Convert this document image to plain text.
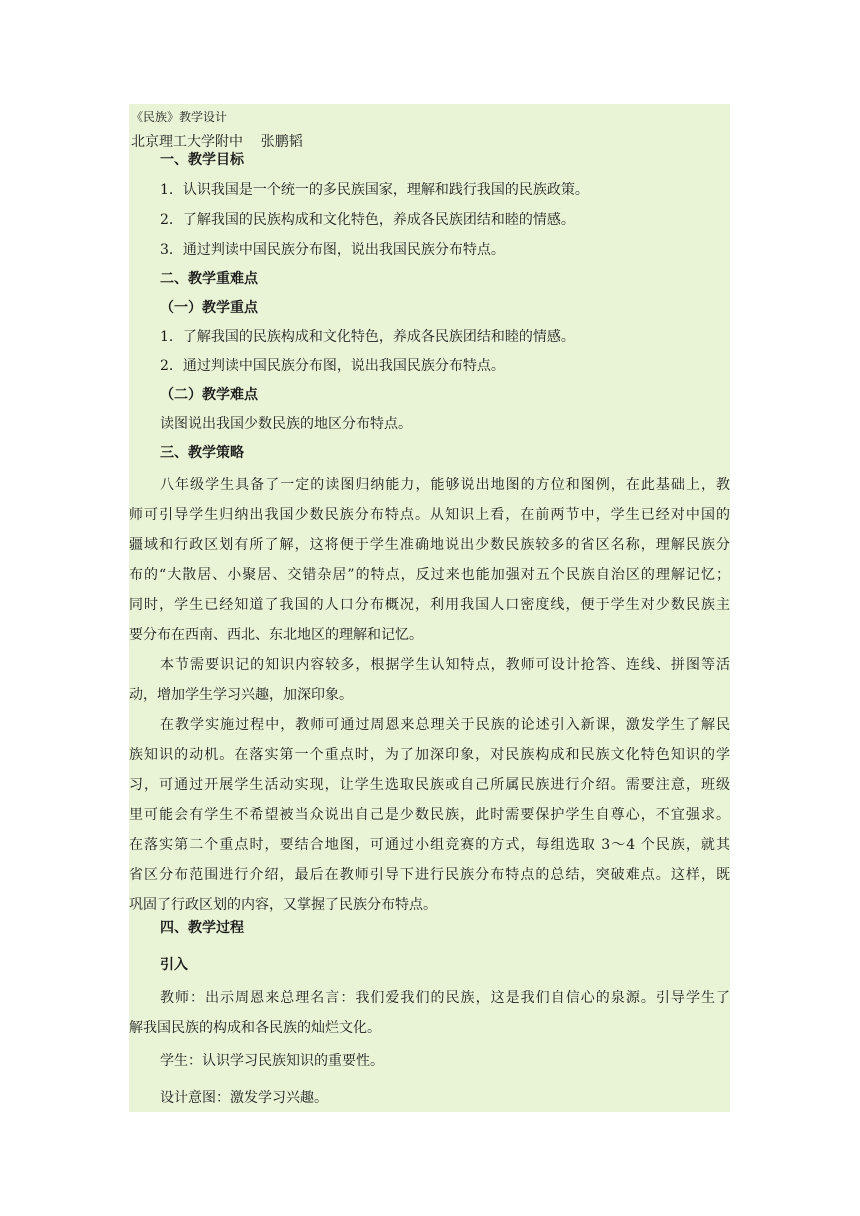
《民族》教学设计
北京理工大学附中    张鹏韬
一、教学目标
1．认识我国是一个统一的多民族国家，理解和践行我国的民族政策。
2．了解我国的民族构成和文化特色，养成各民族团结和睦的情感。
3．通过判读中国民族分布图，说出我国民族分布特点。
二、教学重难点
（一）教学重点
1．了解我国的民族构成和文化特色，养成各民族团结和睦的情感。
2．通过判读中国民族分布图，说出我国民族分布特点。
（二）教学难点
读图说出我国少数民族的地区分布特点。
三、教学策略
八年级学生具备了一定的读图归纳能力，能够说出地图的方位和图例，在此基础上，教
师可引导学生归纳出我国少数民族分布特点。从知识上看，在前两节中，学生已经对中国的
疆域和行政区划有所了解，这将便于学生准确地说出少数民族较多的省区名称，理解民族分
布的“大散居、小聚居、交错杂居”的特点，反过来也能加强对五个民族自治区的理解记忆；
同时，学生已经知道了我国的人口分布概况，利用我国人口密度线，便于学生对少数民族主
要分布在西南、西北、东北地区的理解和记忆。
本节需要识记的知识内容较多，根据学生认知特点，教师可设计抢答、连线、拼图等活
动，增加学生学习兴趣，加深印象。
在教学实施过程中，教师可通过周恩来总理关于民族的论述引入新课，激发学生了解民
族知识的动机。在落实第一个重点时，为了加深印象，对民族构成和民族文化特色知识的学
习，可通过开展学生活动实现，让学生选取民族或自己所属民族进行介绍。需要注意，班级
里可能会有学生不希望被当众说出自己是少数民族，此时需要保护学生自尊心，不宜强求。
在落实第二个重点时，要结合地图，可通过小组竞赛的方式，每组选取 3～4 个民族，就其
省区分布范围进行介绍，最后在教师引导下进行民族分布特点的总结，突破难点。这样，既
巩固了行政区划的内容，又掌握了民族分布特点。
四、教学过程
引入
教师：出示周恩来总理名言：我们爱我们的民族，这是我们自信心的泉源。引导学生了
解我国民族的构成和各民族的灿烂文化。
学生：认识学习民族知识的重要性。
设计意图：激发学习兴趣。
